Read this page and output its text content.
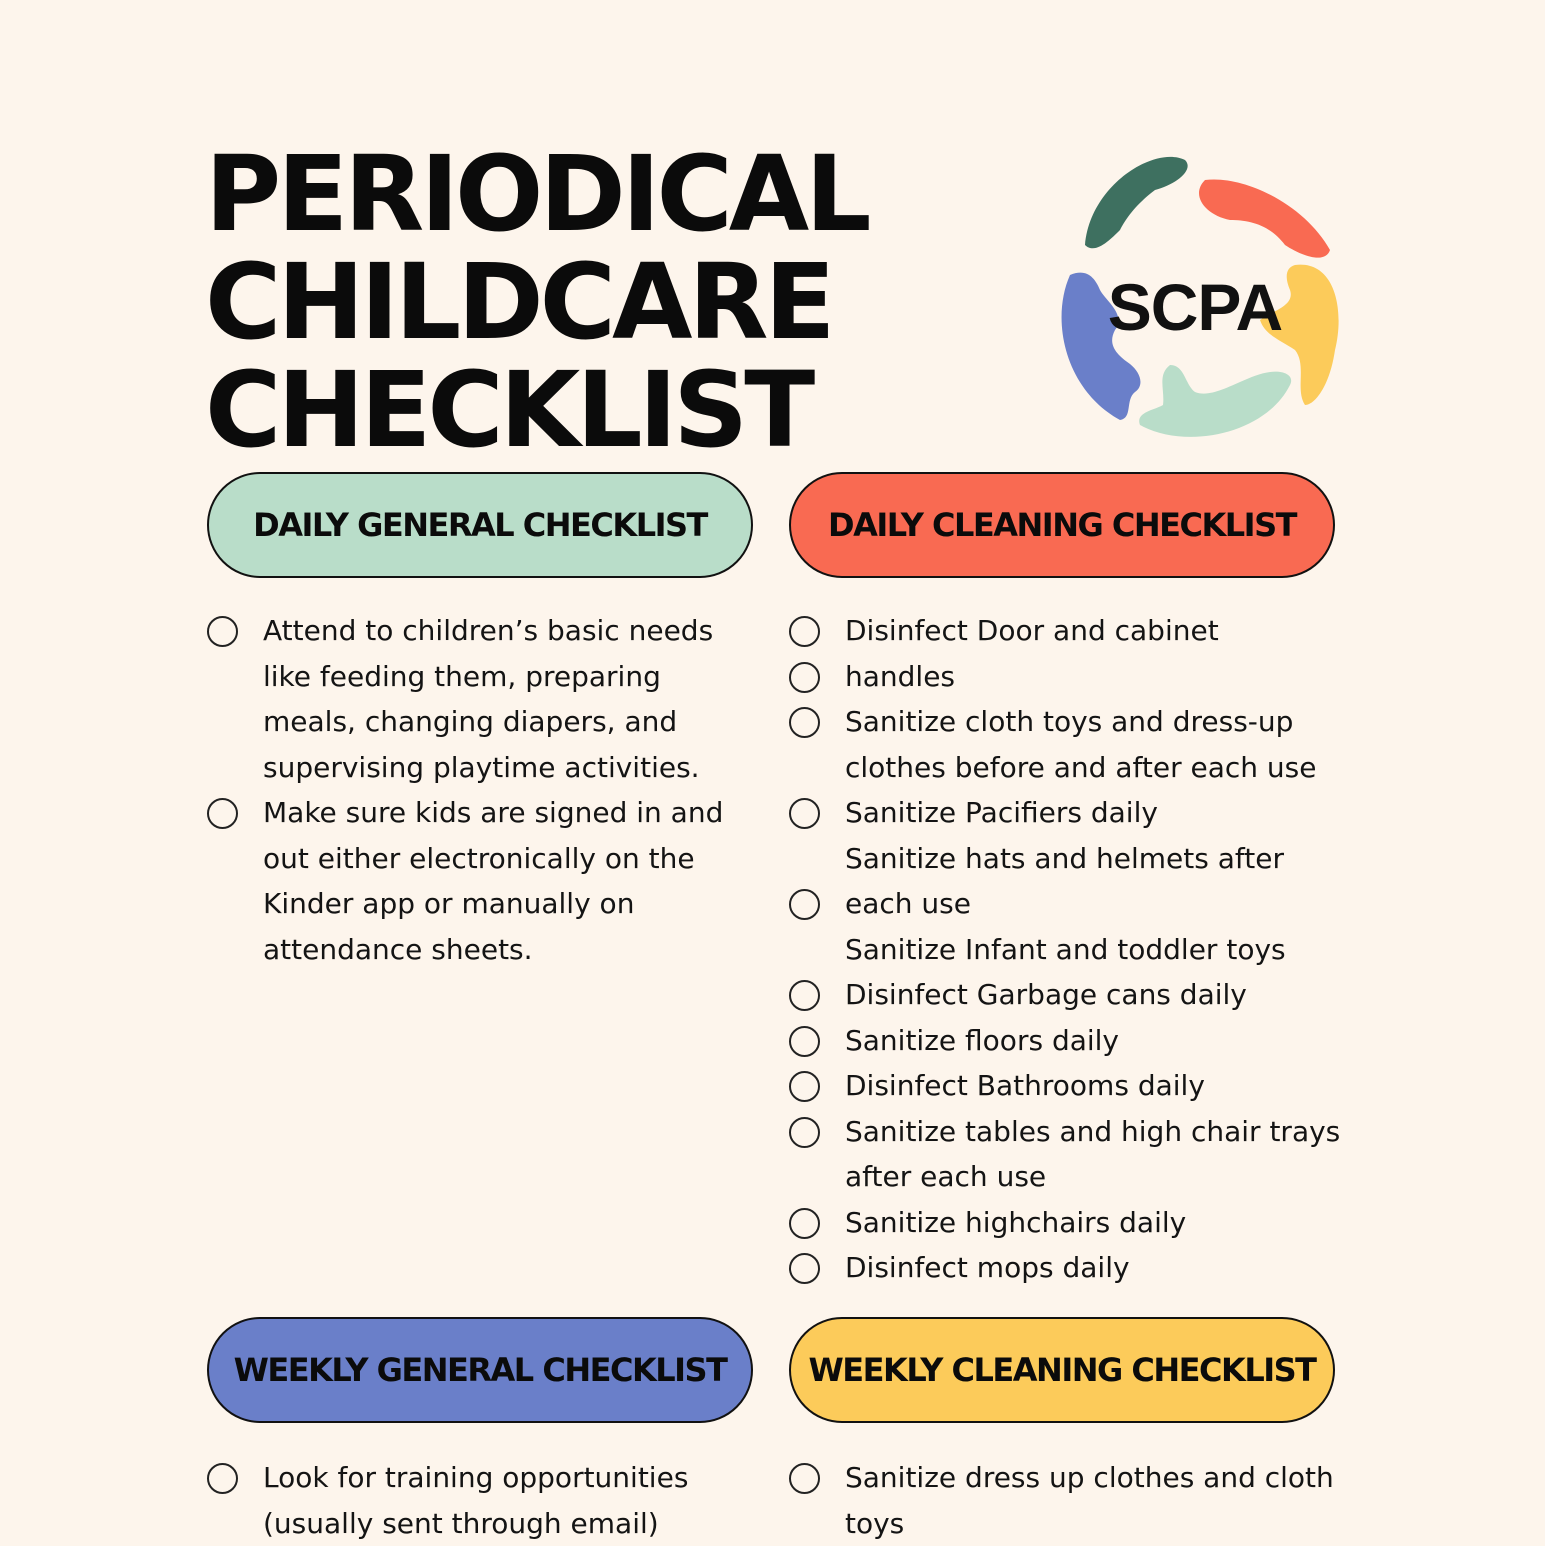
PERIODICAL
CHILDCARE
CHECKLIST
SCPA
DAILY GENERAL CHECKLIST
Attend to children’s basic needs like feeding them, preparing meals, changing diapers, and supervising playtime activities.
Make sure kids are signed in and out either electronically on the Kinder app or manually on attendance sheets.
DAILY CLEANING CHECKLIST
Disinfect Door and cabinet
handles
Sanitize cloth toys and dress-up clothes before and after each use
Sanitize Pacifiers daily
Sanitize hats and helmets after
each use
Sanitize Infant and toddler toys
Disinfect Garbage cans daily
Sanitize floors daily
Disinfect Bathrooms daily
Sanitize tables and high chair trays after each use
Sanitize highchairs daily
Disinfect mops daily
WEEKLY GENERAL CHECKLIST
Look for training opportunities (usually sent through email)
WEEKLY CLEANING CHECKLIST
Sanitize dress up clothes and cloth toys
